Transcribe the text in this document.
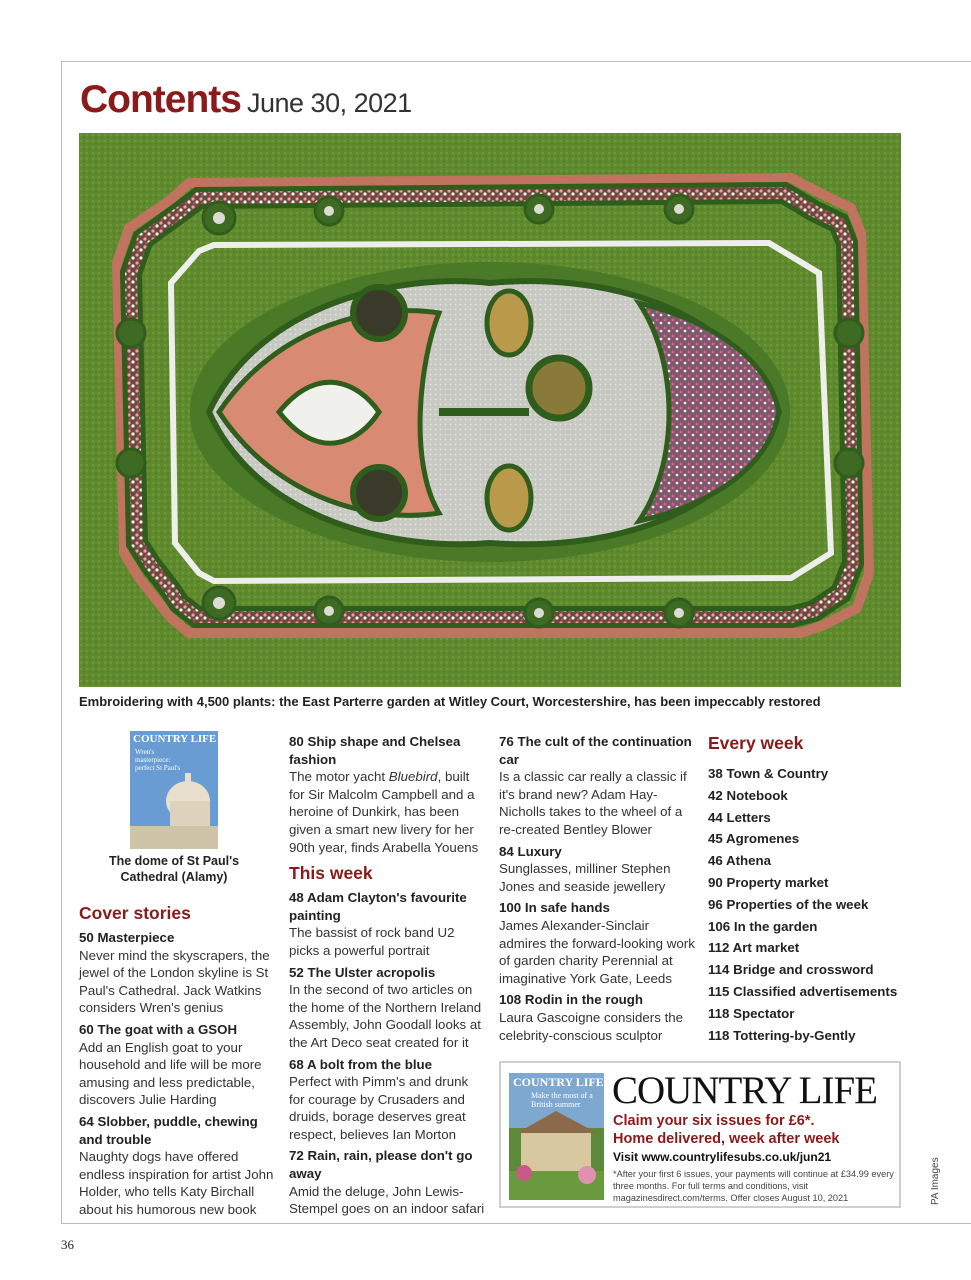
Contents June 30, 2021
Embroidering with 4,500 plants: the East Parterre garden at Witley Court, Worcestershire, has been impeccably restored
COUNTRY LIFE
Wren's masterpiece: perfect St Paul's
The dome of St Paul's Cathedral (Alamy)
Cover stories
50 Masterpiece
Never mind the skyscrapers, the jewel of the London skyline is St Paul's Cathedral. Jack Watkins considers Wren's genius
60 The goat with a GSOH
Add an English goat to your household and life will be more amusing and less predictable, discovers Julie Harding
64 Slobber, puddle, chewing and trouble
Naughty dogs have offered endless inspiration for artist John Holder, who tells Katy Birchall about his humorous new book
80 Ship shape and Chelsea fashion
The motor yacht Bluebird, built for Sir Malcolm Campbell and a heroine of Dunkirk, has been given a smart new livery for her 90th year, finds Arabella Youens
This week
48 Adam Clayton's favourite painting
The bassist of rock band U2 picks a powerful portrait
52 The Ulster acropolis
In the second of two articles on the home of the Northern Ireland Assembly, John Goodall looks at the Art Deco seat created for it
68 A bolt from the blue
Perfect with Pimm's and drunk for courage by Crusaders and druids, borage deserves great respect, believes Ian Morton
72 Rain, rain, please don't go away
Amid the deluge, John Lewis-Stempel goes on an indoor safari
76 The cult of the continuation car
Is a classic car really a classic if it's brand new? Adam Hay-Nicholls takes to the wheel of a re-created Bentley Blower
84 Luxury
Sunglasses, milliner Stephen Jones and seaside jewellery
100 In safe hands
James Alexander-Sinclair admires the forward-looking work of garden charity Perennial at imaginative York Gate, Leeds
108 Rodin in the rough
Laura Gascoigne considers the celebrity-conscious sculptor
Every week
38 Town & Country
42 Notebook
44 Letters
45 Agromenes
46 Athena
90 Property market
96 Properties of the week
106 In the garden
112 Art market
114 Bridge and crossword
115 Classified advertisements
118 Spectator
118 Tottering-by-Gently
COUNTRY LIFE
Make the most of a British summer COUNTRY LIFE
Claim your six issues for £6*.
Home delivered, week after week
Visit www.countrylifesubs.co.uk/jun21
*After your first 6 issues, your payments will continue at £34.99 every three months. For full terms and conditions, visit magazinesdirect.com/terms. Offer closes August 10, 2021	PA Images
36
